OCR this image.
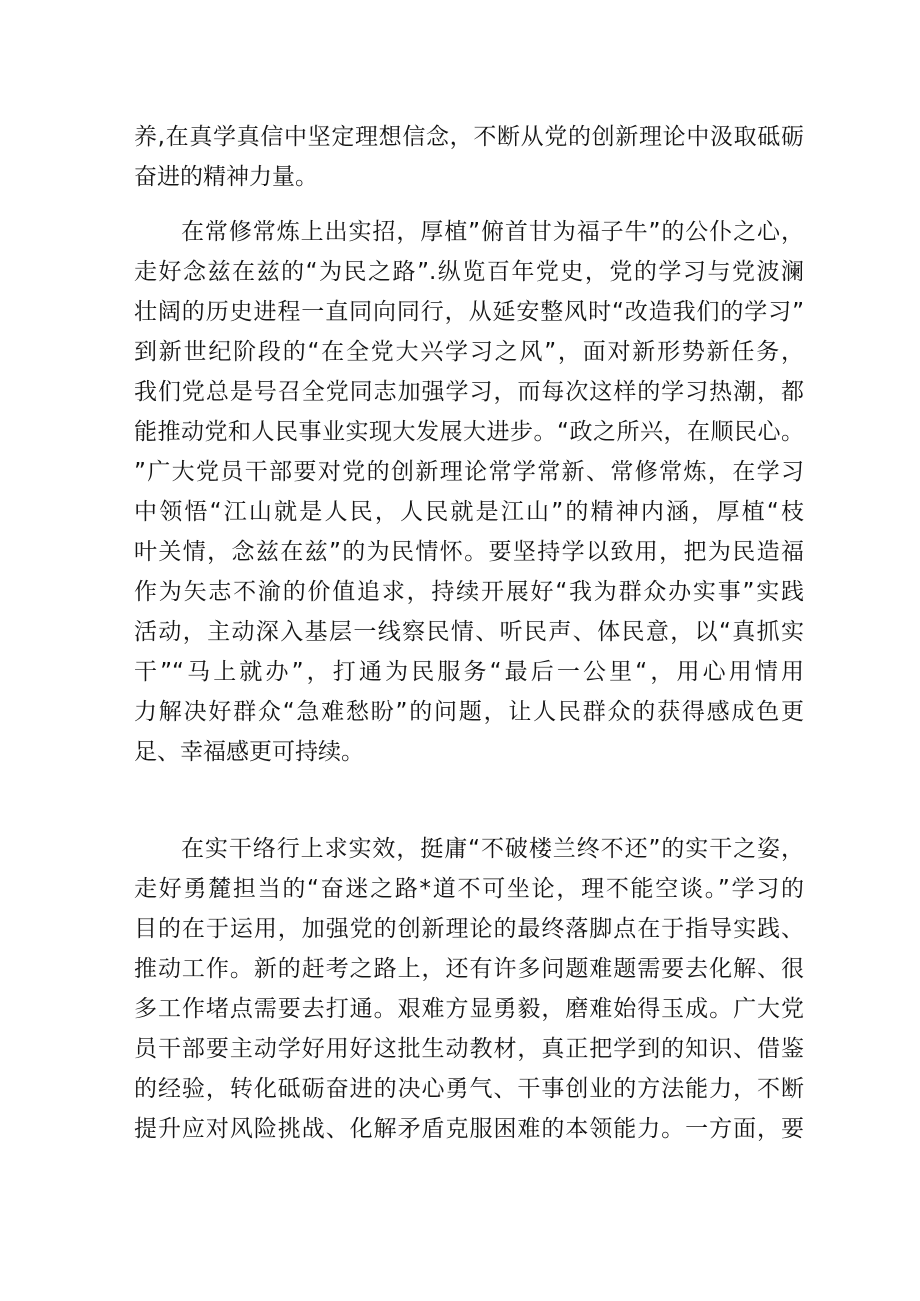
养,在真学真信中坚定理想信念，不断从党的创新理论中汲取砥砺
奋进的精神力量。
在常修常炼上出实招，厚植”俯首甘为福子牛”的公仆之心，
走好念兹在兹的“为民之路”.纵览百年党史，党的学习与党波澜
壮阔的历史进程一直同向同行，从延安整风时“改造我们的学习”
到新世纪阶段的“在全党大兴学习之风”，面对新形势新任务，
我们党总是号召全党同志加强学习，而每次这样的学习热潮，都
能推动党和人民事业实现大发展大进步。“政之所兴，在顺民心。
”广大党员干部要对党的创新理论常学常新、常修常炼，在学习
中领悟“江山就是人民，人民就是江山”的精神内涵，厚植“枝
叶关情，念兹在兹”的为民情怀。要坚持学以致用，把为民造福
作为矢志不渝的价值追求，持续开展好“我为群众办实事”实践
活动，主动深入基层一线察民情、听民声、体民意，以“真抓实
干”“马上就办”，打通为民服务“最后一公里“，用心用情用
力解决好群众“急难愁盼”的问题，让人民群众的获得感成色更
足、幸福感更可持续。
在实干络行上求实效，挺庸“不破楼兰终不还”的实干之姿，
走好勇麓担当的“奋迷之路*道不可坐论，理不能空谈。”学习的
目的在于运用，加强党的创新理论的最终落脚点在于指导实践、
推动工作。新的赶考之路上，还有许多问题难题需要去化解、很
多工作堵点需要去打通。艰难方显勇毅，磨难始得玉成。广大党
员干部要主动学好用好这批生动教材，真正把学到的知识、借鉴
的经验，转化砥砺奋进的决心勇气、干事创业的方法能力，不断
提升应对风险挑战、化解矛盾克服困难的本领能力。一方面，要
